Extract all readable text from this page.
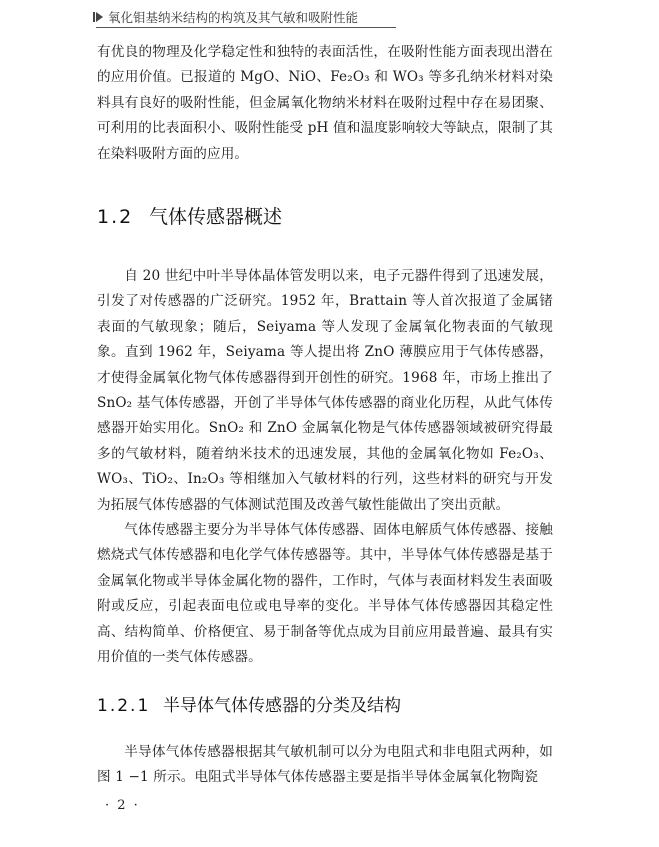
氧化钼基纳米结构的构筑及其气敏和吸附性能

有优良的物理及化学稳定性和独特的表面活性，在吸附性能方面表现出潜在的应用价值。已报道的 MgO、NiO、Fe₂O₃ 和 WO₃ 等多孔纳米材料对染料具有良好的吸附性能，但金属氧化物纳米材料在吸附过程中存在易团聚、可利用的比表面积小、吸附性能受 pH 值和温度影响较大等缺点，限制了其在染料吸附方面的应用。

1.2 气体传感器概述

自 20 世纪中叶半导体晶体管发明以来，电子元器件得到了迅速发展，引发了对传感器的广泛研究。1952 年，Brattain 等人首次报道了金属锗表面的气敏现象；随后，Seiyama 等人发现了金属氧化物表面的气敏现象。直到 1962 年，Seiyama 等人提出将 ZnO 薄膜应用于气体传感器，才使得金属氧化物气体传感器得到开创性的研究。1968 年，市场上推出了 SnO₂ 基气体传感器，开创了半导体气体传感器的商业化历程，从此气体传感器开始实用化。SnO₂ 和 ZnO 金属氧化物是气体传感器领域被研究得最多的气敏材料，随着纳米技术的迅速发展，其他的金属氧化物如 Fe₂O₃、WO₃、TiO₂、In₂O₃ 等相继加入气敏材料的行列，这些材料的研究与开发为拓展气体传感器的气体测试范围及改善气敏性能做出了突出贡献。

气体传感器主要分为半导体气体传感器、固体电解质气体传感器、接触燃烧式气体传感器和电化学气体传感器等。其中，半导体气体传感器是基于金属氧化物或半导体金属化物的器件，工作时，气体与表面材料发生表面吸附或反应，引起表面电位或电导率的变化。半导体气体传感器因其稳定性高、结构简单、价格便宜、易于制备等优点成为目前应用最普遍、最具有实用价值的一类气体传感器。

1.2.1 半导体气体传感器的分类及结构

半导体气体传感器根据其气敏机制可以分为电阻式和非电阻式两种，如图 1 −1 所示。电阻式半导体气体传感器主要是指半导体金属氧化物陶瓷

· 2 ·
